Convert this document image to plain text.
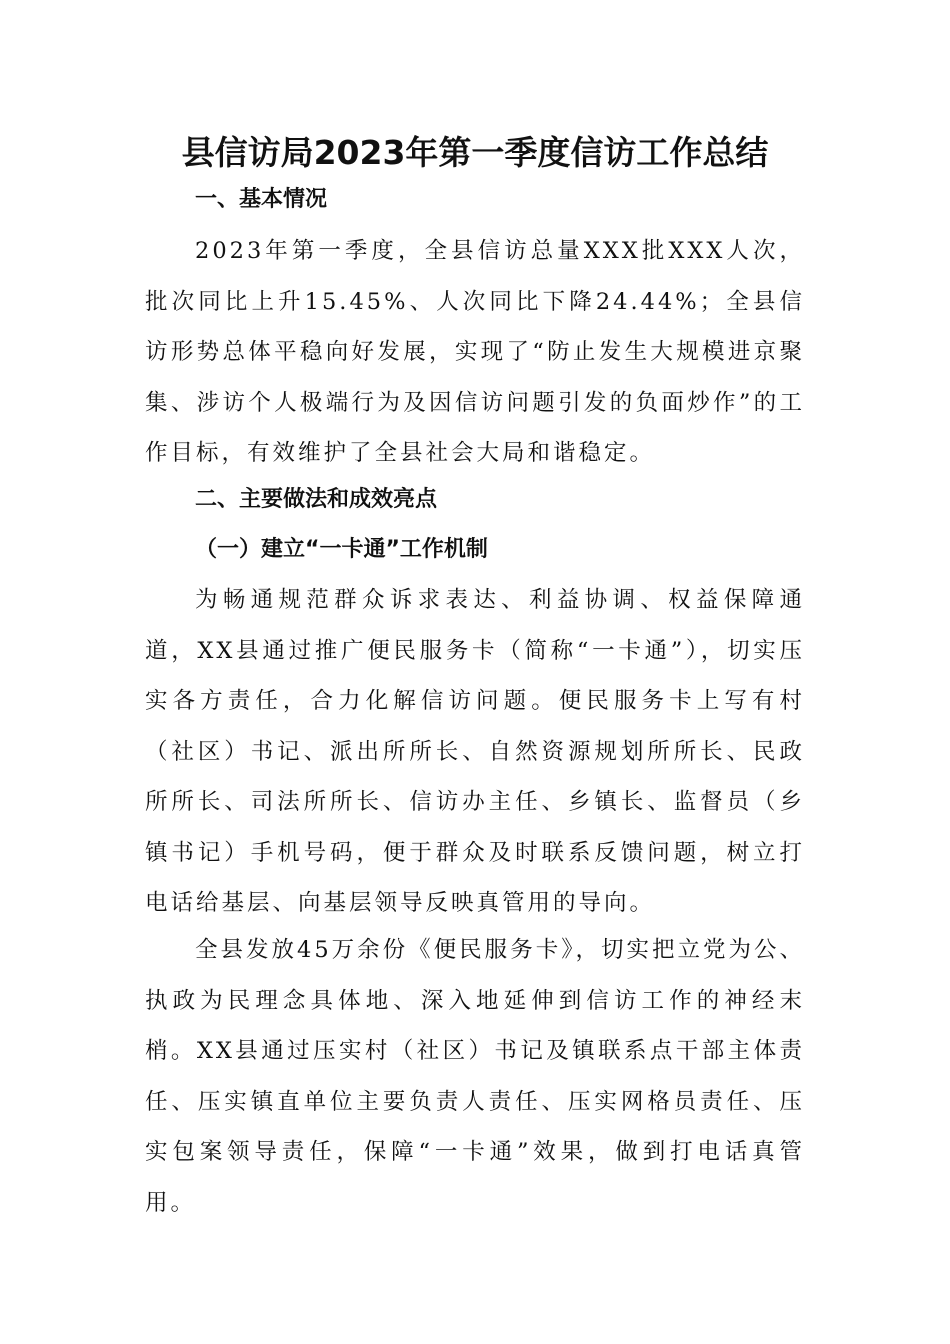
县信访局2023年第一季度信访工作总结
一、基本情况
2023年第一季度，全县信访总量XXX批XXX人次，批次同比上升15.45%、人次同比下降24.44%；全县信访形势总体平稳向好发展，实现了“防止发生大规模进京聚集、涉访个人极端行为及因信访问题引发的负面炒作”的工作目标，有效维护了全县社会大局和谐稳定。
二、主要做法和成效亮点
（一）建立“一卡通”工作机制
为畅通规范群众诉求表达、利益协调、权益保障通道，XX县通过推广便民服务卡（简称“一卡通”），切实压实各方责任，合力化解信访问题。便民服务卡上写有村（社区）书记、派出所所长、自然资源规划所所长、民政所所长、司法所所长、信访办主任、乡镇长、监督员（乡镇书记）手机号码，便于群众及时联系反馈问题，树立打电话给基层、向基层领导反映真管用的导向。
全县发放45万余份《便民服务卡》，切实把立党为公、执政为民理念具体地、深入地延伸到信访工作的神经末梢。XX县通过压实村（社区）书记及镇联系点干部主体责任、压实镇直单位主要负责人责任、压实网格员责任、压实包案领导责任，保障“一卡通”效果，做到打电话真管用。
